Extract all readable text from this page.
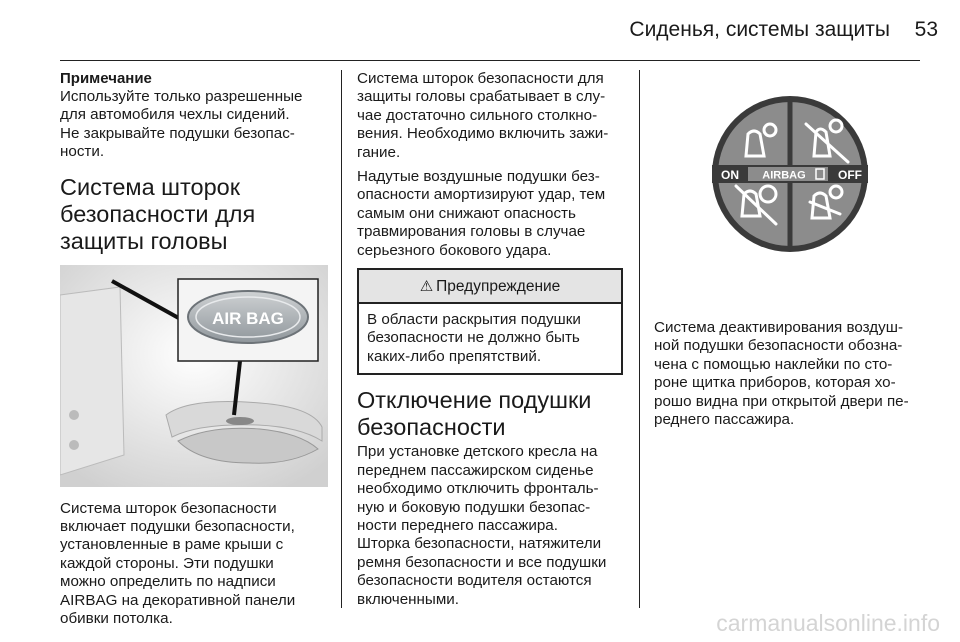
Сиденья, системы защиты	53

Примечание

Используйте только разрешенные
для автомобиля чехлы сидений.
Не закрывайте подушки безопас-
ности.

Система шторок
безопасности для
защиты головы
AIR BAG

Система шторок безопасности
включает подушки безопасности,
установленные в раме крыши с
каждой стороны. Эти подушки
можно определить по надписи
AIRBAG на декоративной панели
обивки потолка.

Система шторок безопасности для
защиты головы срабатывает в слу-
чае достаточно сильного столкно-
вения. Необходимо включить зажи-
гание.

Надутые воздушные подушки без-
опасности амортизируют удар, тем
самым они снижают опасность
травмирования головы в случае
серьезного бокового удара.

⚠ Предупреждение

В области раскрытия подушки
безопасности не должно быть
каких-либо препятствий.

Отключение подушки
безопасности

При установке детского кресла на
переднем пассажирском сиденье
необходимо отключить фронталь-
ную и боковую подушки безопас-
ности переднего пассажира.
Шторка безопасности, натяжители
ремня безопасности и все подушки
безопасности водителя остаются
включенными.

ON AIRBAG	OFF

Система деактивирования воздуш-
ной подушки безопасности обозна-
чена с помощью наклейки по сто-
роне щитка приборов, которая хо-
рошо видна при открытой двери пе-
реднего пассажира.

carmanualsonline.info
